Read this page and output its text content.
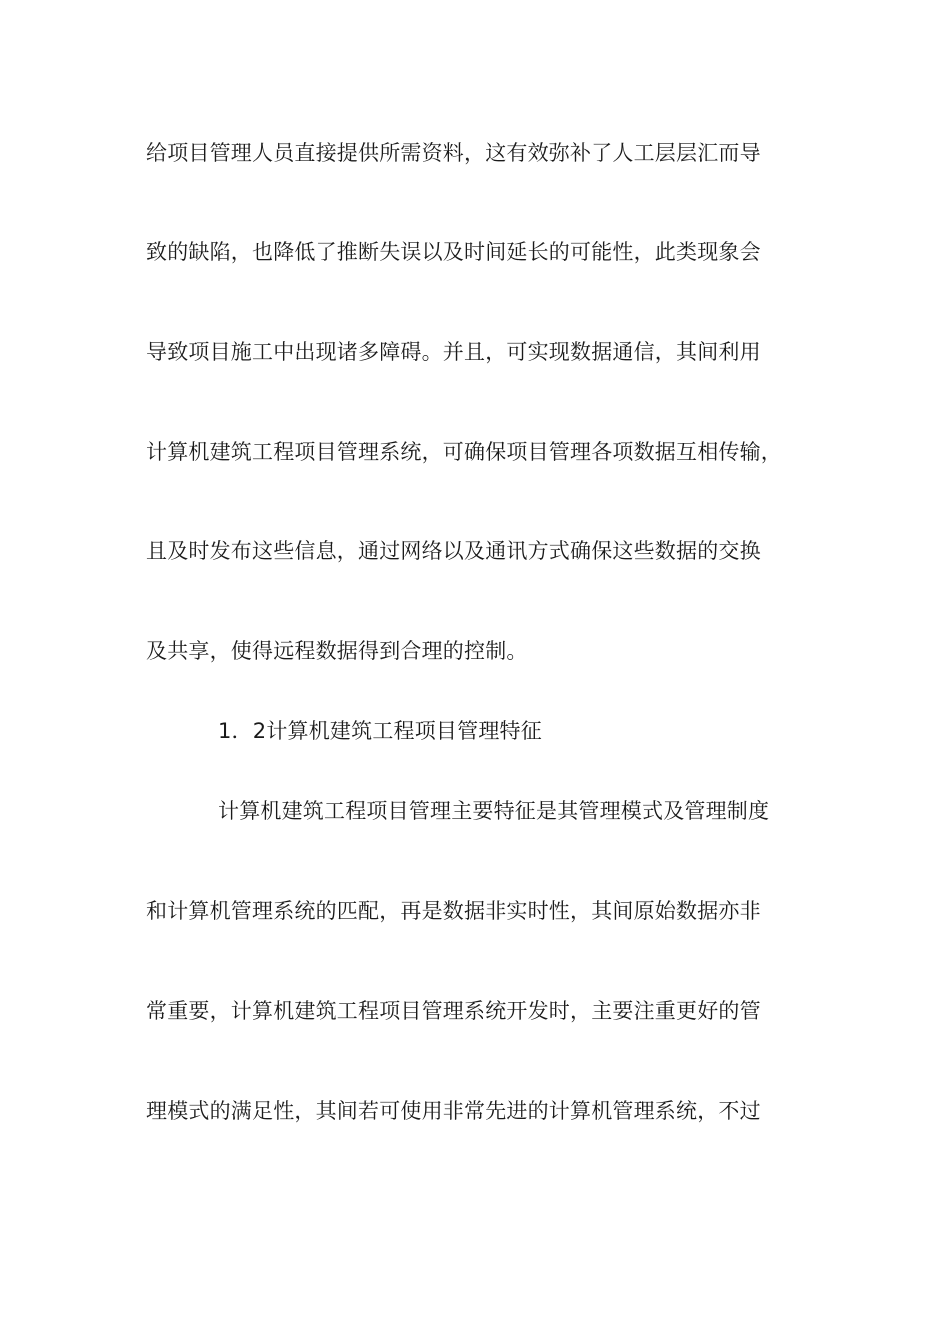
给项目管理人员直接提供所需资料，这有效弥补了人工层层汇而导
致的缺陷，也降低了推断失误以及时间延长的可能性，此类现象会
导致项目施工中出现诸多障碍。并且，可实现数据通信，其间利用
计算机建筑工程项目管理系统，可确保项目管理各项数据互相传输，
且及时发布这些信息，通过网络以及通讯方式确保这些数据的交换
及共享，使得远程数据得到合理的控制。
1．2计算机建筑工程项目管理特征
计算机建筑工程项目管理主要特征是其管理模式及管理制度
和计算机管理系统的匹配，再是数据非实时性，其间原始数据亦非
常重要，计算机建筑工程项目管理系统开发时，主要注重更好的管
理模式的满足性，其间若可使用非常先进的计算机管理系统，不过
